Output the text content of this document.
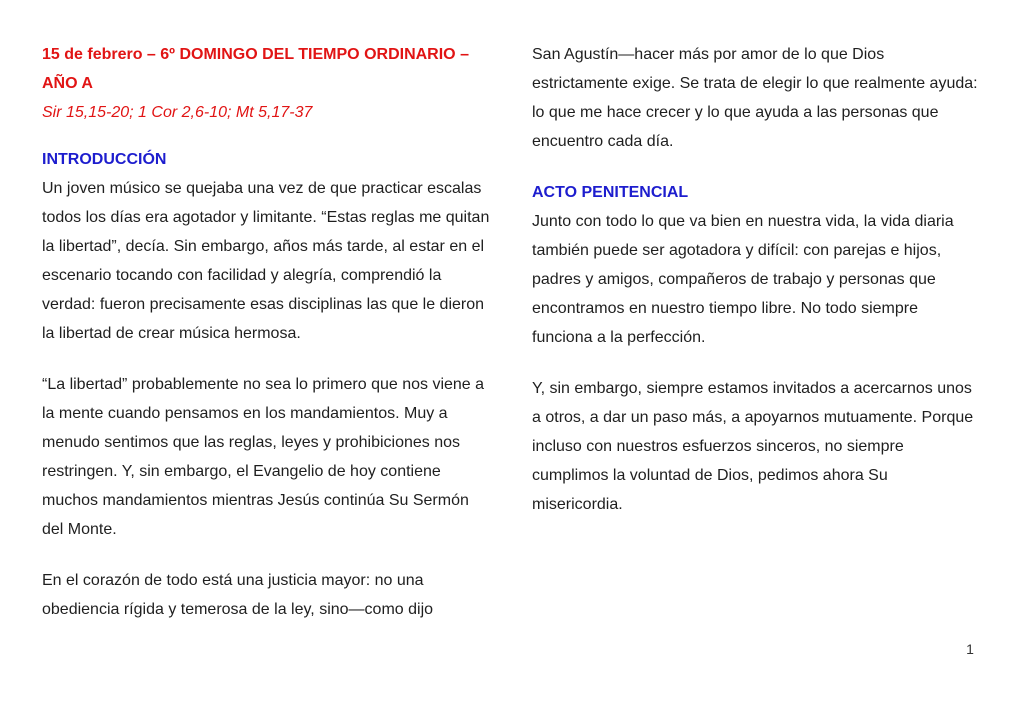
15 de febrero – 6º DOMINGO DEL TIEMPO ORDINARIO – AÑO A

Sir 15,15-20; 1 Cor 2,6-10; Mt 5,17-37

INTRODUCCIÓN

Un joven músico se quejaba una vez de que practicar escalas todos los días era agotador y limitante. “Estas reglas me quitan la libertad”, decía. Sin embargo, años más tarde, al estar en el escenario tocando con facilidad y alegría, comprendió la verdad: fueron precisamente esas disciplinas las que le dieron la libertad de crear música hermosa.

“La libertad” probablemente no sea lo primero que nos viene a la mente cuando pensamos en los mandamientos. Muy a menudo sentimos que las reglas, leyes y prohibiciones nos restringen. Y, sin embargo, el Evangelio de hoy contiene muchos mandamientos mientras Jesús continúa Su Sermón del Monte.

En el corazón de todo está una justicia mayor: no una obediencia rígida y temerosa de la ley, sino—como dijo

San Agustín—hacer más por amor de lo que Dios estrictamente exige. Se trata de elegir lo que realmente ayuda: lo que me hace crecer y lo que ayuda a las personas que encuentro cada día.

ACTO PENITENCIAL

Junto con todo lo que va bien en nuestra vida, la vida diaria también puede ser agotadora y difícil: con parejas e hijos, padres y amigos, compañeros de trabajo y personas que encontramos en nuestro tiempo libre. No todo siempre funciona a la perfección.

Y, sin embargo, siempre estamos invitados a acercarnos unos a otros, a dar un paso más, a apoyarnos mutuamente. Porque incluso con nuestros esfuerzos sinceros, no siempre cumplimos la voluntad de Dios, pedimos ahora Su misericordia.

1
